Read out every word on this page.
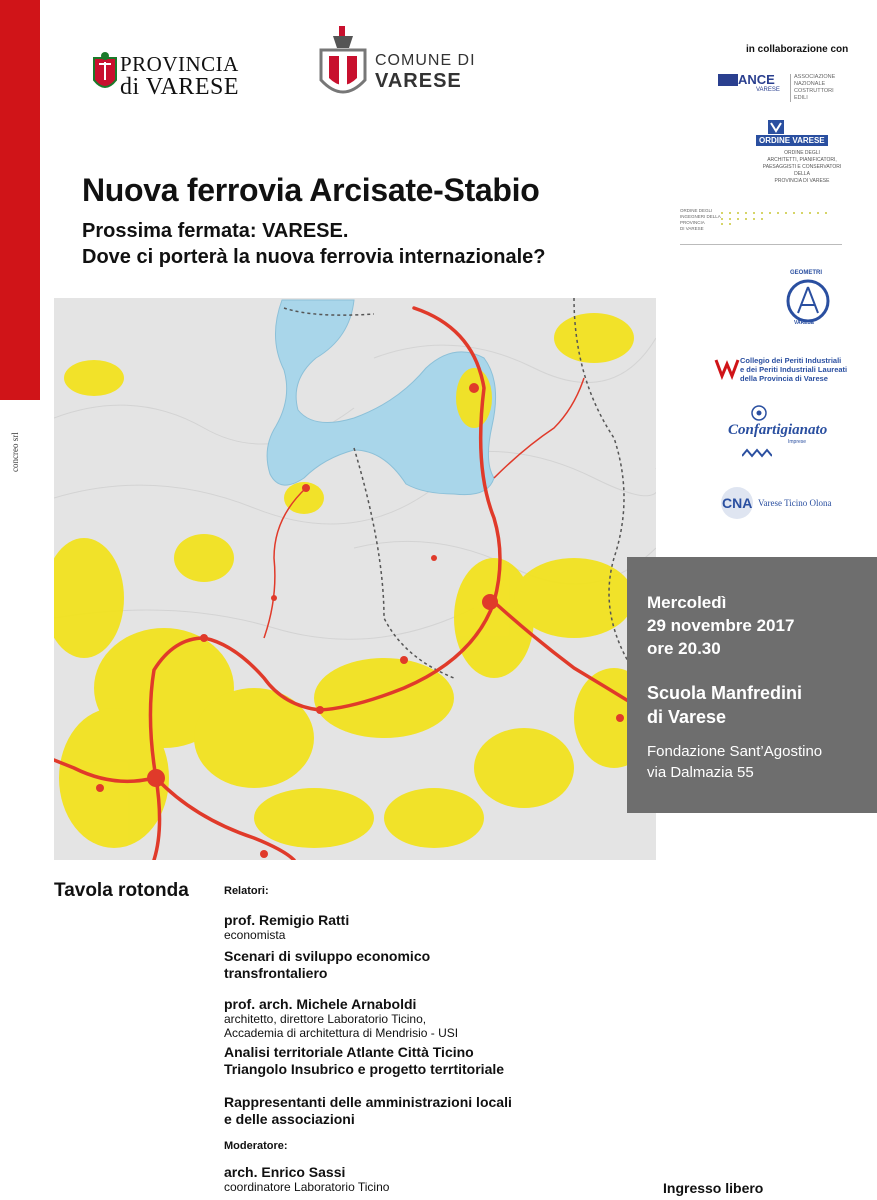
concreo srl
PROVINCIA
di VARESE
COMUNE DI
VARESE
in collaborazione con
ANCE
VARESE
ASSOCIAZIONE NAZIONALE
COSTRUTTORI EDILI
ORDINE VARESE
ORDINE DEGLI
ARCHITETTI, PIANIFICATORI,
PAESAGGISTI E CONSERVATORI DELLA
PROVINCIA DI VARESE
ORDINE DEGLI
INGEGNERI DELLA
PROVINCIA
DI VARESE
GEOMETRI
VARESE
Collegio dei Periti Industriali
e dei Periti Industriali Laureati
della Provincia di Varese
Confartigianato
Imprese
CNA Varese Ticino Olona
Nuova ferrovia Arcisate-Stabio
Prossima fermata: VARESE.
Dove ci porterà la nuova ferrovia internazionale?
Mercoledì
29 novembre 2017
ore 20.30
Scuola Manfredini
di Varese
Fondazione Sant’Agostino
via Dalmazia 55
Tavola rotonda	Relatori:
prof. Remigio Ratti
economista
Scenari di sviluppo economico
transfrontaliero
prof. arch. Michele Arnaboldi
architetto, direttore Laboratorio Ticino,
Accademia di architettura di Mendrisio - USI
Analisi territoriale Atlante Città Ticino
Triangolo Insubrico e progetto terrtitoriale
Rappresentanti delle amministrazioni locali
e delle associazioni
Moderatore:
arch. Enrico Sassi
coordinatore Laboratorio Ticino	Ingresso libero
